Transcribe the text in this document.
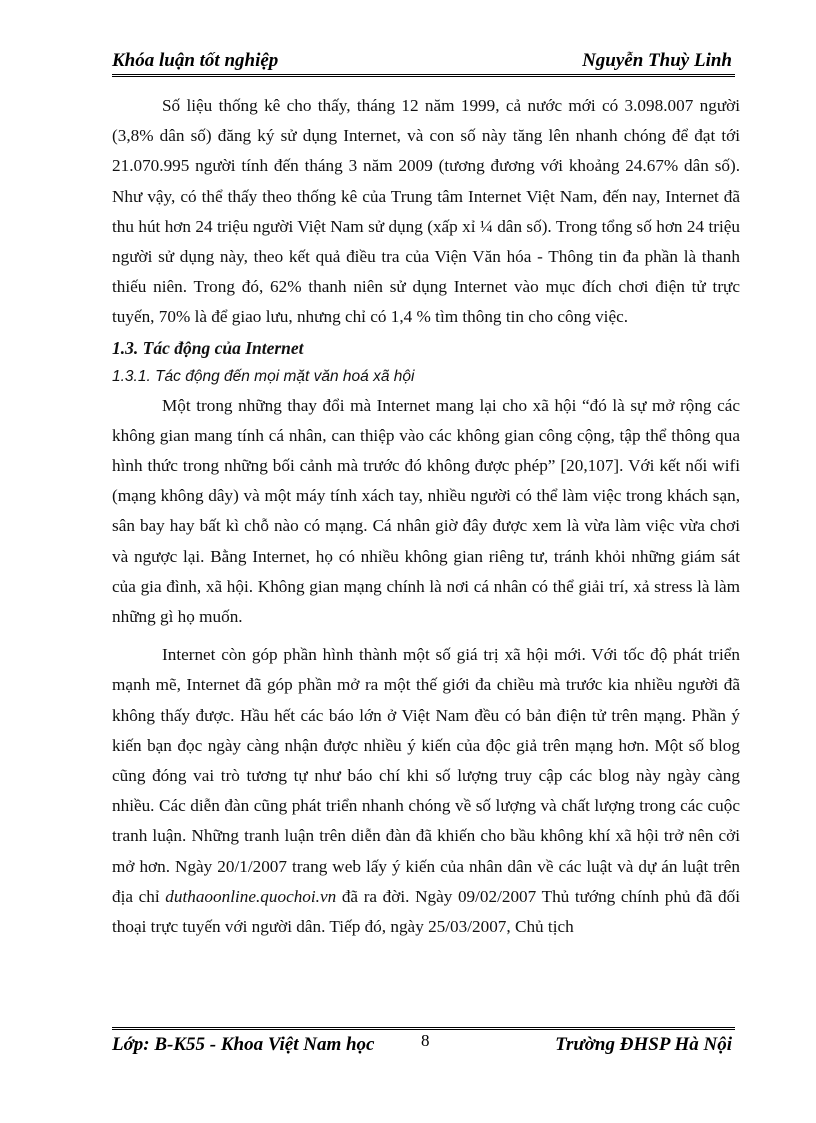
Khóa luận tốt nghiệp	Nguyễn Thuỳ Linh

Số liệu thống kê cho thấy, tháng 12 năm 1999, cả nước mới có 3.098.007 người (3,8% dân số) đăng ký sử dụng Internet, và con số này tăng lên nhanh chóng để đạt tới 21.070.995 người tính đến tháng 3 năm 2009 (tương đương với khoảng 24.67% dân số). Như vậy, có thể thấy theo thống kê của Trung tâm Internet Việt Nam, đến nay, Internet đã thu hút hơn 24 triệu người Việt Nam sử dụng (xấp xỉ ¼ dân số). Trong tổng số hơn 24 triệu người sử dụng này, theo kết quả điều tra của Viện Văn hóa - Thông tin đa phần là thanh thiếu niên. Trong đó, 62% thanh niên sử dụng Internet vào mục đích chơi điện tử trực tuyến, 70% là để giao lưu, nhưng chỉ có 1,4 % tìm thông tin cho công việc.

1.3. Tác động của Internet

1.3.1. Tác động đến mọi mặt văn hoá xã hội

Một trong những thay đổi mà Internet mang lại cho xã hội “đó là sự mở rộng các không gian mang tính cá nhân, can thiệp vào các không gian công cộng, tập thể thông qua hình thức trong những bối cảnh mà trước đó không được phép” [20,107]. Với kết nối wifi (mạng không dây) và một máy tính xách tay, nhiều người có thể làm việc trong khách sạn, sân bay hay bất kì chỗ nào có mạng. Cá nhân giờ đây được xem là vừa làm việc vừa chơi và ngược lại. Bằng Internet, họ có nhiều không gian riêng tư, tránh khỏi những giám sát của gia đình, xã hội. Không gian mạng chính là nơi cá nhân có thể giải trí, xả stress là làm những gì họ muốn.

Internet còn góp phần hình thành một số giá trị xã hội mới. Với tốc độ phát triển mạnh mẽ, Internet đã góp phần mở ra một thế giới đa chiều mà trước kia nhiều người đã không thấy được. Hầu hết các báo lớn ở Việt Nam đều có bản điện tử trên mạng. Phần ý kiến bạn đọc ngày càng nhận được nhiều ý kiến của độc giả trên mạng hơn. Một số blog cũng đóng vai trò tương tự như báo chí khi số lượng truy cập các blog này ngày càng nhiều. Các diễn đàn cũng phát triển nhanh chóng về số lượng và chất lượng trong các cuộc tranh luận. Những tranh luận trên diễn đàn đã khiến cho bầu không khí xã hội trở nên cởi mở hơn. Ngày 20/1/2007 trang web lấy ý kiến của nhân dân về các luật và dự án luật trên địa chỉ duthaoonline.quochoi.vn đã ra đời. Ngày 09/02/2007 Thủ tướng chính phủ đã đối thoại trực tuyến với người dân. Tiếp đó, ngày 25/03/2007, Chủ tịch

Lớp: B-K55 - Khoa Việt Nam học	8	Trường ĐHSP Hà Nội
